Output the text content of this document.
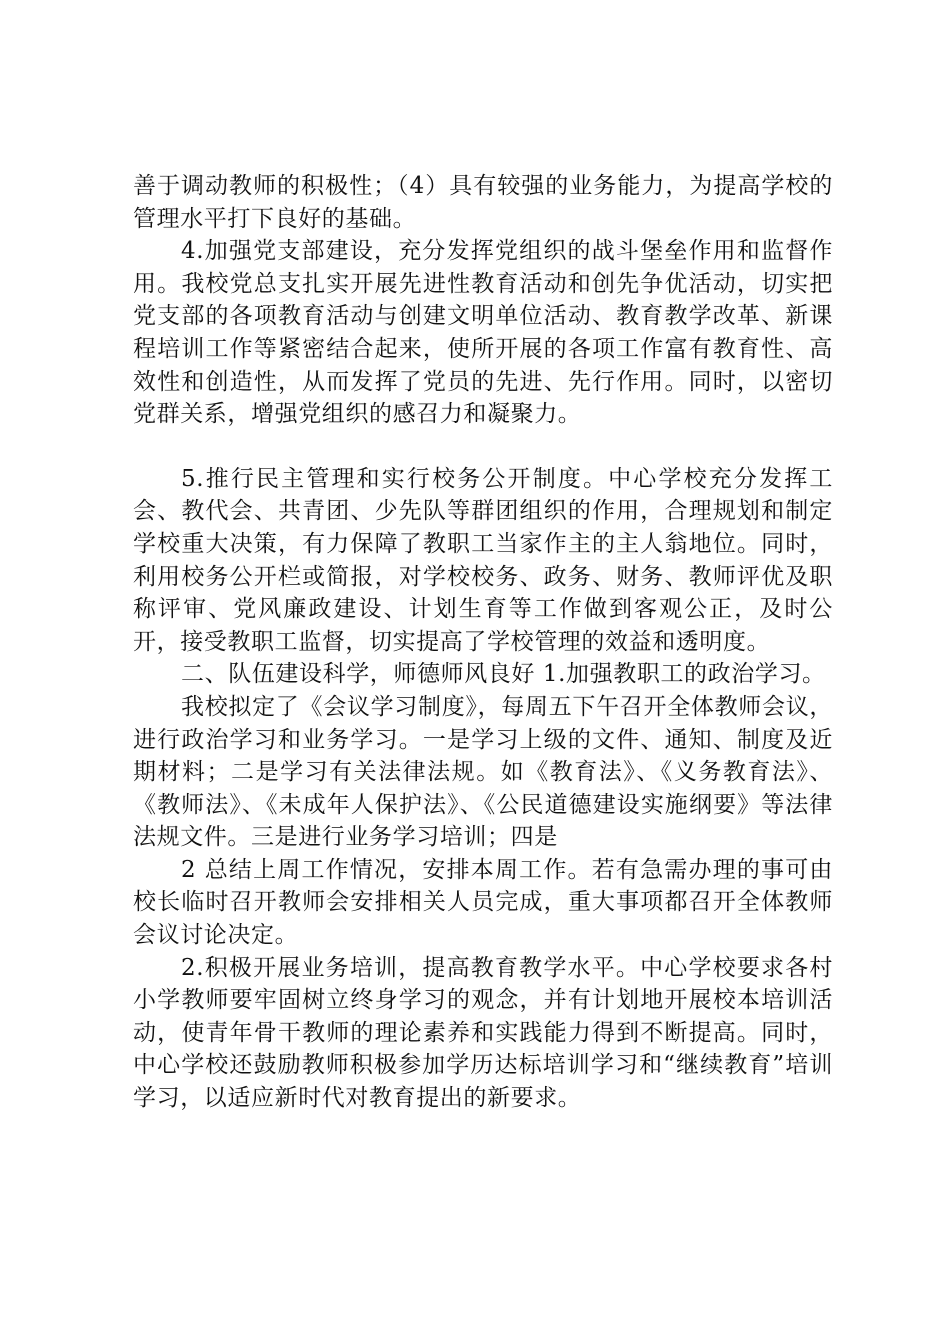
善于调动教师的积极性；（4）具有较强的业务能力，为提高学校的管理水平打下良好的基础。

4.加强党支部建设，充分发挥党组织的战斗堡垒作用和监督作用。我校党总支扎实开展先进性教育活动和创先争优活动，切实把党支部的各项教育活动与创建文明单位活动、教育教学改革、新课程培训工作等紧密结合起来，使所开展的各项工作富有教育性、高效性和创造性，从而发挥了党员的先进、先行作用。同时，以密切党群关系，增强党组织的感召力和凝聚力。

5.推行民主管理和实行校务公开制度。中心学校充分发挥工会、教代会、共青团、少先队等群团组织的作用，合理规划和制定学校重大决策，有力保障了教职工当家作主的主人翁地位。同时，利用校务公开栏或简报，对学校校务、政务、财务、教师评优及职称评审、党风廉政建设、计划生育等工作做到客观公正，及时公开，接受教职工监督，切实提高了学校管理的效益和透明度。

二、队伍建设科学，师德师风良好 1.加强教职工的政治学习。

我校拟定了《会议学习制度》，每周五下午召开全体教师会议，进行政治学习和业务学习。一是学习上级的文件、通知、制度及近期材料；二是学习有关法律法规。如《教育法》、《义务教育法》、《教师法》、《未成年人保护法》、《公民道德建设实施纲要》等法律法规文件。三是进行业务学习培训；四是

2 总结上周工作情况，安排本周工作。若有急需办理的事可由校长临时召开教师会安排相关人员完成，重大事项都召开全体教师会议讨论决定。

2.积极开展业务培训，提高教育教学水平。中心学校要求各村小学教师要牢固树立终身学习的观念，并有计划地开展校本培训活动，使青年骨干教师的理论素养和实践能力得到不断提高。同时，中心学校还鼓励教师积极参加学历达标培训学习和“继续教育”培训学习，以适应新时代对教育提出的新要求。
